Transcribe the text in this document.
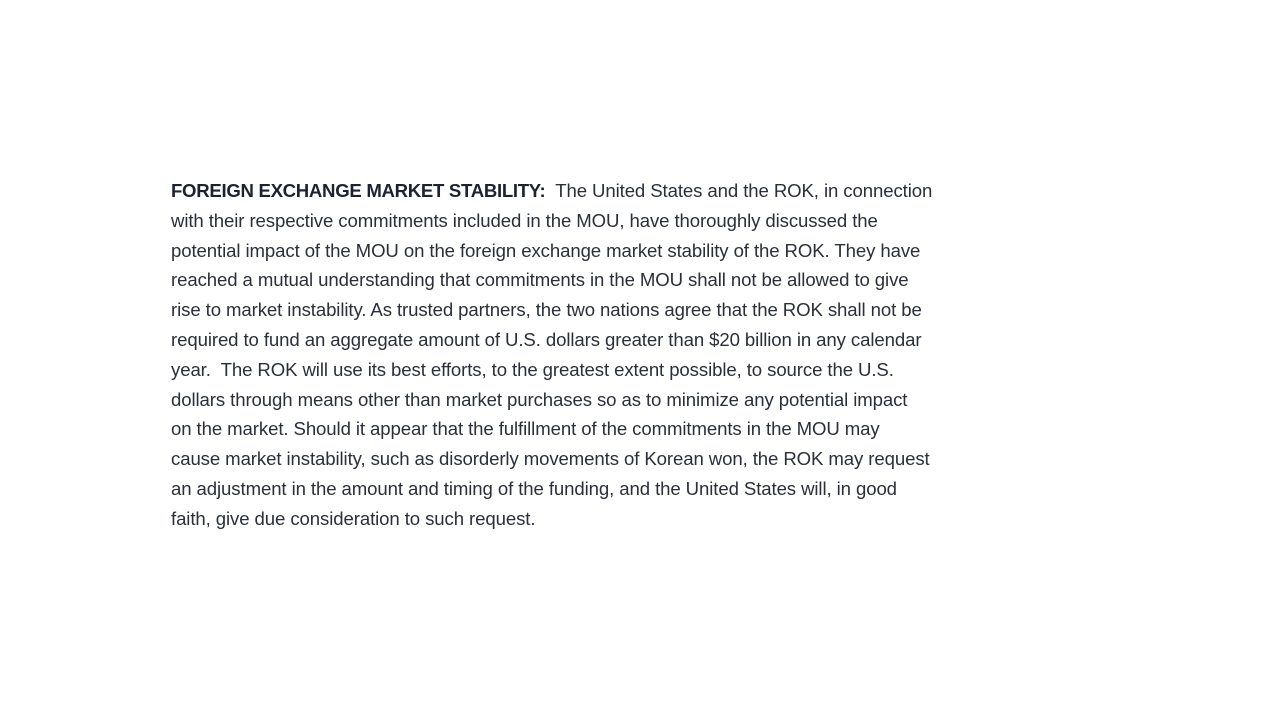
FOREIGN EXCHANGE MARKET STABILITY: The United States and the ROK, in connection
with their respective commitments included in the MOU, have thoroughly discussed the
potential impact of the MOU on the foreign exchange market stability of the ROK. They have
reached a mutual understanding that commitments in the MOU shall not be allowed to give
rise to market instability. As trusted partners, the two nations agree that the ROK shall not be
required to fund an aggregate amount of U.S. dollars greater than $20 billion in any calendar
year.  The ROK will use its best efforts, to the greatest extent possible, to source the U.S.
dollars through means other than market purchases so as to minimize any potential impact
on the market. Should it appear that the fulfillment of the commitments in the MOU may
cause market instability, such as disorderly movements of Korean won, the ROK may request
an adjustment in the amount and timing of the funding, and the United States will, in good
faith, give due consideration to such request.
